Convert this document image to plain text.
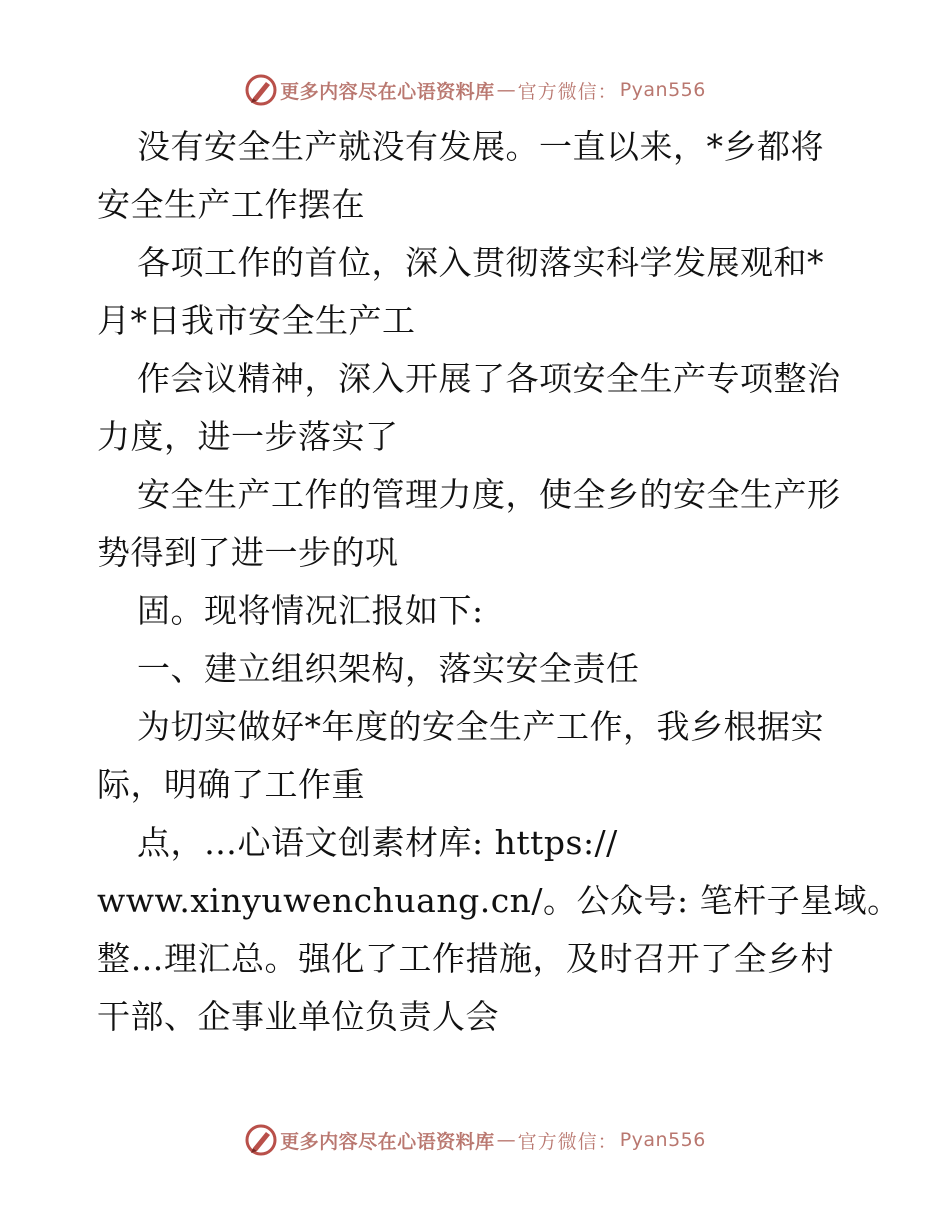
更多内容尽在心语资料库 — 官方微信： Pyan556
没有安全生产就没有发展。一直以来，*乡都将
安全生产工作摆在
各项工作的首位，深入贯彻落实科学发展观和*
月*日我市安全生产工
作会议精神，深入开展了各项安全生产专项整治
力度，进一步落实了
安全生产工作的管理力度，使全乡的安全生产形
势得到了进一步的巩
固。现将情况汇报如下:
一、建立组织架构，落实安全责任
为切实做好*年度的安全生产工作，我乡根据实
际，明确了工作重
点，…心语文创素材库: https://
www.xinyuwenchuang.cn/。公众号: 笔杆子星域。
整…理汇总。强化了工作措施，及时召开了全乡村
干部、企事业单位负责人会
更多内容尽在心语资料库 — 官方微信： Pyan556
